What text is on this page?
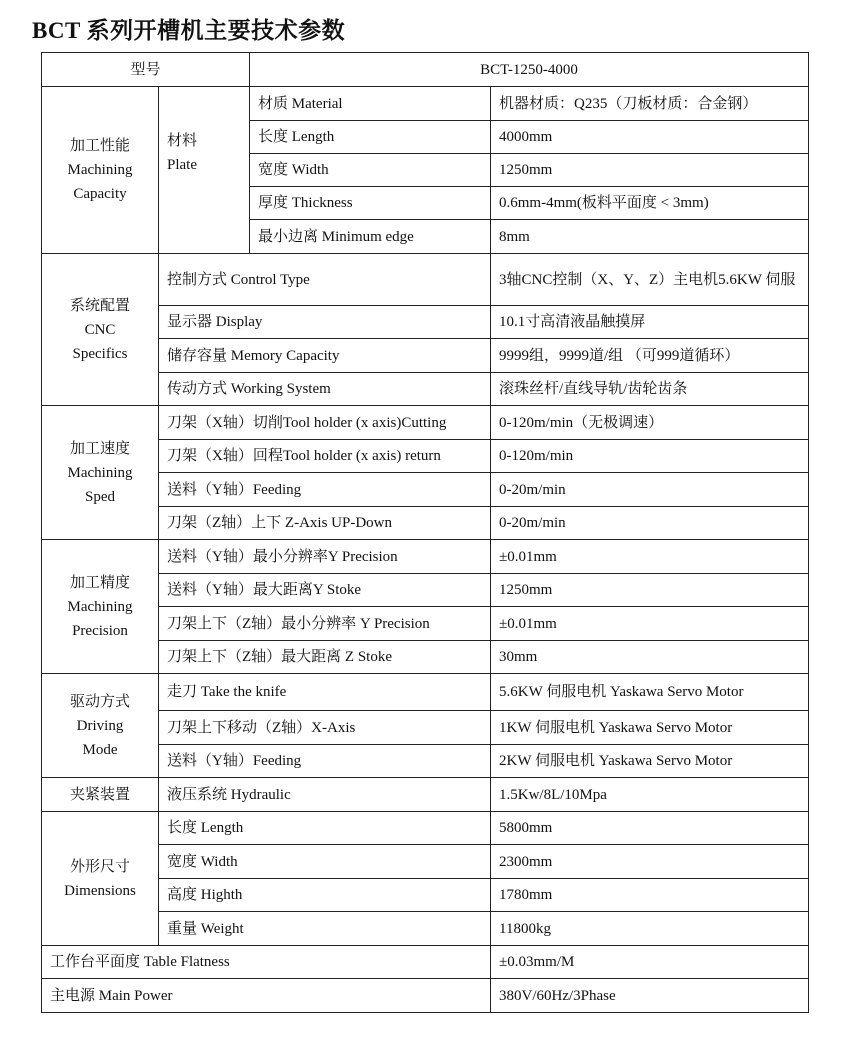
BCT 系列开槽机主要技术参数
型号		BCT-1250-4000	

加工性能
Machining
Capacity	材料
Plate	材质 Material	机器材质：Q235（刀板材质：合金钢）
		长度 Length	4000mm
		宽度 Width	1250mm
		厚度 Thickness	0.6mm-4mm(板料平面度 < 3mm)
		最小边离 Minimum edge	8mm

系统配置
CNC
Specifics	控制方式 Control Type		3轴CNC控制（X、Y、Z）主电机5.6KW 伺服
	显示器 Display		10.1寸高清液晶触摸屏
	储存容量 Memory Capacity		9999组，9999道/组 （可999道循环）
	传动方式 Working System		滚珠丝杆/直线导轨/齿轮齿条

加工速度
Machining
Sped	刀架（X轴）切削Tool holder (x axis)Cutting		0-120m/min（无极调速）
	刀架（X轴）回程Tool holder (x axis) return		0-120m/min
	送料（Y轴）Feeding		0-20m/min
	刀架（Z轴）上下 Z-Axis UP-Down		0-20m/min

加工精度
Machining
Precision	送料（Y轴）最小分辨率Y Precision		±0.01mm
	送料（Y轴）最大距离Y Stoke		1250mm
	刀架上下（Z轴）最小分辨率 Y Precision		±0.01mm
	刀架上下（Z轴）最大距离 Z Stoke		30mm

驱动方式
Driving
Mode	走刀 Take the knife		5.6KW 伺服电机 Yaskawa Servo Motor
	刀架上下移动（Z轴）X-Axis		1KW 伺服电机 Yaskawa Servo Motor
	送料（Y轴）Feeding		2KW 伺服电机 Yaskawa Servo Motor
夹紧装置	液压系统 Hydraulic		1.5Kw/8L/10Mpa

外形尺寸
Dimensions	长度 Length		5800mm
	宽度 Width		2300mm
	高度 Highth		1780mm
	重量 Weight		11800kg
工作台平面度 Table Flatness			±0.03mm/M
主电源 Main Power			380V/60Hz/3Phase
